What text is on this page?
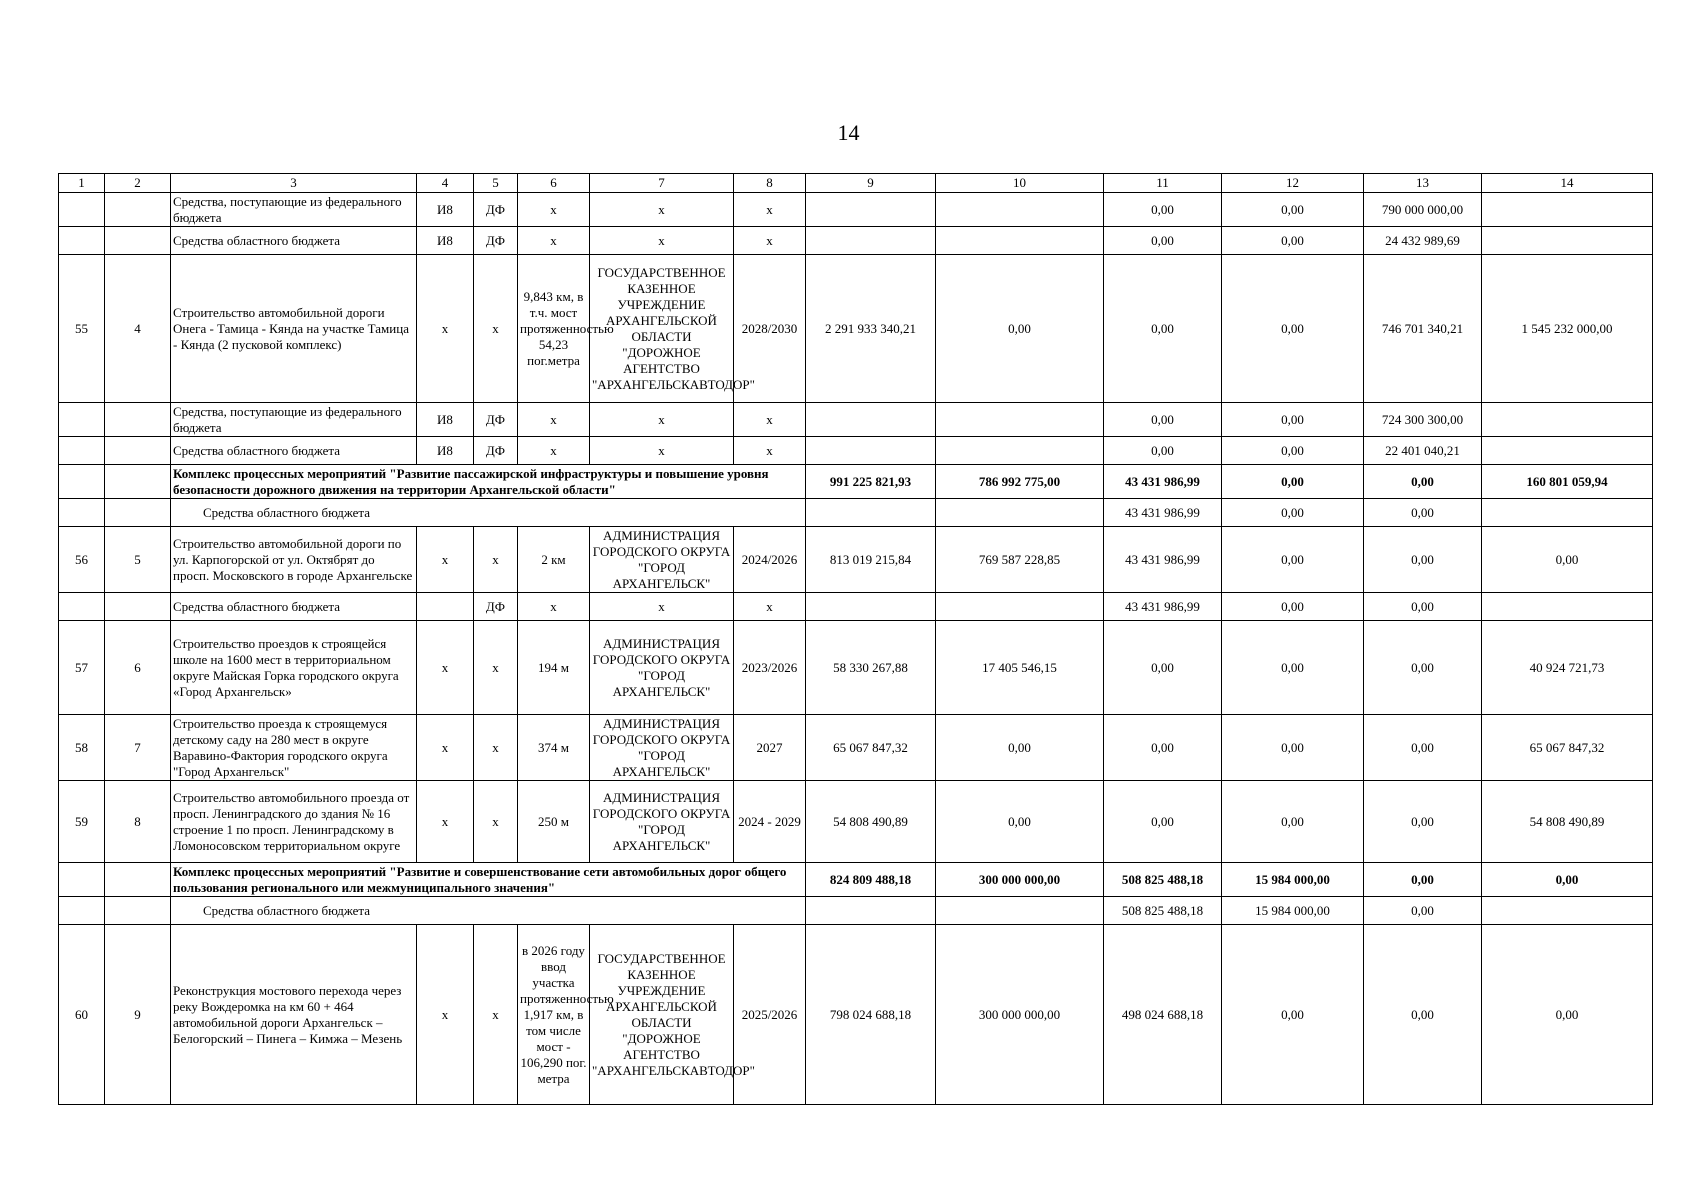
14
1	2	3	4	5	6	7	8	9	10	11	12	13	14
		Средства, поступающие из федерального бюджета	И8	ДФ	х	х	х			0,00	0,00	790 000 000,00	
		Средства областного бюджета	И8	ДФ	х	х	х			0,00	0,00	24 432 989,69	
55	4	Строительство автомобильной дороги Онега - Тамица - Кянда на участке Тамица - Кянда (2 пусковой комплекс)	х	х	9,843 км, в т.ч. мост протяженностью 54,23 пог.метра	ГОСУДАРСТВЕННОЕ КАЗЕННОЕ УЧРЕЖДЕНИЕ АРХАНГЕЛЬСКОЙ ОБЛАСТИ "ДОРОЖНОЕ АГЕНТСТВО "АРХАНГЕЛЬСКАВТОДОР"	2028/2030	2 291 933 340,21	0,00	0,00	0,00	746 701 340,21	1 545 232 000,00
		Средства, поступающие из федерального бюджета	И8	ДФ	х	х	х			0,00	0,00	724 300 300,00	
		Средства областного бюджета	И8	ДФ	х	х	х			0,00	0,00	22 401 040,21	
		Комплекс процессных мероприятий "Развитие пассажирской инфраструктуры и повышение уровня безопасности дорожного движения на территории Архангельской области"						991 225 821,93	786 992 775,00	43 431 986,99	0,00	0,00	160 801 059,94
		Средства областного бюджета								43 431 986,99	0,00	0,00	
56	5	Строительство автомобильной дороги по ул. Карпогорской от ул. Октябрят до просп. Московского в городе Архангельске	х	х	2 км	АДМИНИСТРАЦИЯ ГОРОДСКОГО ОКРУГА "ГОРОД АРХАНГЕЛЬСК"	2024/2026	813 019 215,84	769 587 228,85	43 431 986,99	0,00	0,00	0,00
		Средства областного бюджета		ДФ	х	х	х			43 431 986,99	0,00	0,00	
57	6	Строительство проездов к строящейся школе на 1600 мест в территориальном округе Майская Горка городского округа «Город Архангельск»	х	х	194 м	АДМИНИСТРАЦИЯ ГОРОДСКОГО ОКРУГА "ГОРОД АРХАНГЕЛЬСК"	2023/2026	58 330 267,88	17 405 546,15	0,00	0,00	0,00	40 924 721,73
58	7	Строительство проезда к строящемуся детскому саду на 280 мест в округе Варавино-Фактория городского округа "Город Архангельск"	х	х	374 м	АДМИНИСТРАЦИЯ ГОРОДСКОГО ОКРУГА "ГОРОД АРХАНГЕЛЬСК"	2027	65 067 847,32	0,00	0,00	0,00	0,00	65 067 847,32
59	8	Строительство автомобильного проезда от просп. Ленинградского до здания № 16 строение 1 по просп. Ленинградскому в Ломоносовском территориальном округе	х	х	250 м	АДМИНИСТРАЦИЯ ГОРОДСКОГО ОКРУГА "ГОРОД АРХАНГЕЛЬСК"	2024 - 2029	54 808 490,89	0,00	0,00	0,00	0,00	54 808 490,89
		Комплекс процессных мероприятий "Развитие и совершенствование сети автомобильных дорог общего пользования регионального или межмуниципального значения"						824 809 488,18	300 000 000,00	508 825 488,18	15 984 000,00	0,00	0,00
		Средства областного бюджета								508 825 488,18	15 984 000,00	0,00	
60	9	Реконструкция мостового перехода через реку Вождеромка на км 60 + 464 автомобильной дороги Архангельск – Белогорский – Пинега – Кимжа – Мезень	х	х	в 2026 году ввод участка протяженностью 1,917 км, в том числе мост - 106,290 пог. метра	ГОСУДАРСТВЕННОЕ КАЗЕННОЕ УЧРЕЖДЕНИЕ АРХАНГЕЛЬСКОЙ ОБЛАСТИ "ДОРОЖНОЕ АГЕНТСТВО "АРХАНГЕЛЬСКАВТОДОР"	2025/2026	798 024 688,18	300 000 000,00	498 024 688,18	0,00	0,00	0,00
